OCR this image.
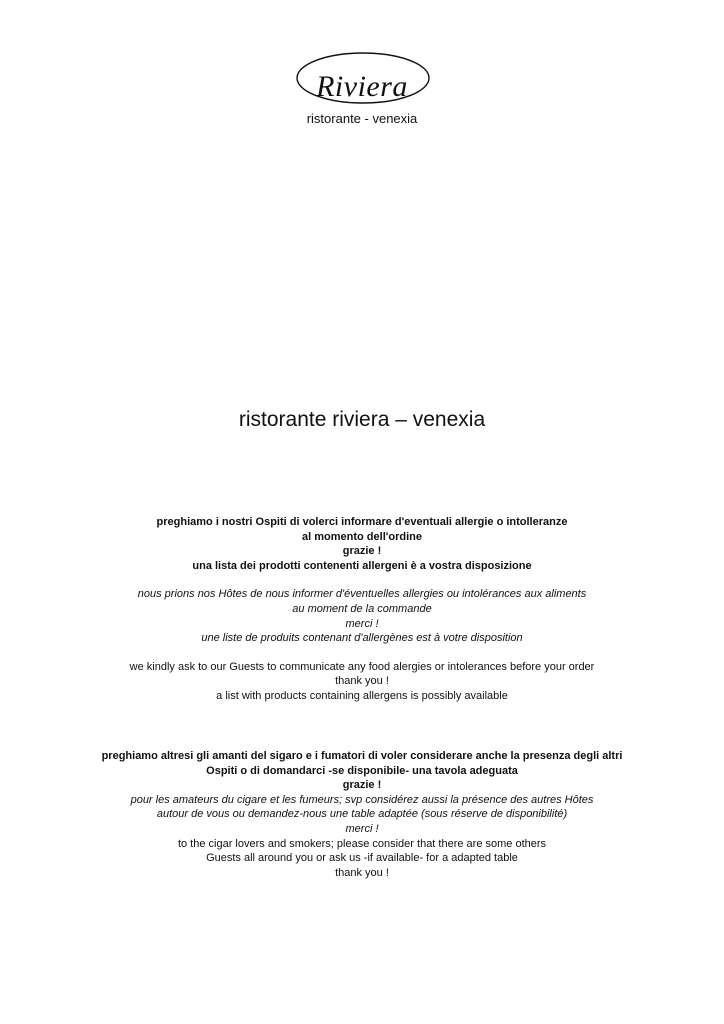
Riviera
ristorante - venexia
ristorante riviera – venexia
preghiamo i nostri Ospiti di volerci informare d'eventuali allergie o intolleranze
al momento dell'ordine
grazie !
una lista dei prodotti contenenti allergeni è a vostra disposizione
nous prions nos Hôtes de nous informer d'éventuelles allergies ou intolérances aux aliments
au moment de la commande
merci !
une liste de produits contenant d'allergènes est à votre disposition
we kindly ask to our Guests to communicate any food alergies or intolerances before your order
thank you !
a list with products containing allergens is possibly available
preghiamo altresi gli amanti del sigaro e i fumatori di voler considerare anche la presenza degli altri
Ospiti o di domandarci -se disponibile- una tavola adeguata
grazie !
pour les amateurs du cigare et les fumeurs; svp considérez aussi la présence des autres Hôtes
autour de vous ou demandez-nous une table adaptée (sous réserve de disponibilité)
merci !
to the cigar lovers and smokers; please consider that there are some others
Guests all around you or ask us -if available- for a adapted table
thank you !
